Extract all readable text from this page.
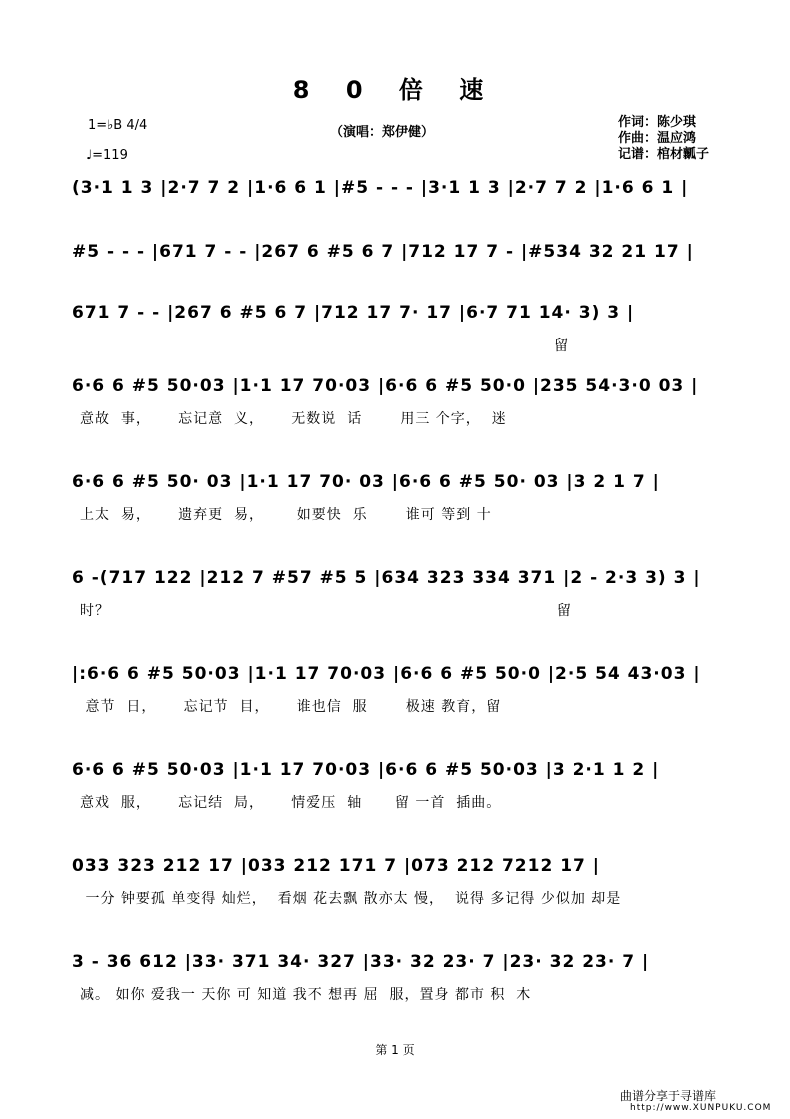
8 0 倍 速
1=♭B 4/4
♩=119
（演唱：郑伊健）
作词：陈少琪
作曲：温应鸿
记谱：棺材瓤子
(3·1 1 3 |2·7 7 2 |1·6 6 1 |#5 - - - |3·1 1 3 |2·7 7 2 |1·6 6 1 |
#5 - - - |671 7 - - |267 6 #5 6 7 |712 17 7 - |#534 32 21 17 |
671 7 - - |267 6 #5 6 7 |712 17 7· 17 |6·7 71 14· 3) 3 |
留
6·6 6 #5 50·03 |1·1 17 70·03 |6·6 6 #5 50·0 |235 54·3·0 03 |
意故  事，     忘记意  义，     无数说  话       用三 个字，  迷
6·6 6 #5 50· 03 |1·1 17 70· 03 |6·6 6 #5 50· 03 |3 2 1 7 |
上太  易，     遗弃更  易，      如要快  乐       谁可 等到 十
6 -(717 122 |212 7 #57 #5 5 |634 323 334 371 |2 - 2·3 3) 3 |
时？                                                                                  留
|:6·6 6 #5 50·03 |1·1 17 70·03 |6·6 6 #5 50·0 |2·5 54 43·03 |
意节  日，     忘记节  目，     谁也信  服       极速 教育，留
6·6 6 #5 50·03 |1·1 17 70·03 |6·6 6 #5 50·03 |3 2·1 1 2 |
意戏  服，     忘记结  局，     情爱压  轴      留 一首  插曲。
033 323 212 17 |033 212 171 7 |073 212 7212 17 |
一分 钟要孤 单变得 灿烂，  看烟 花去飘 散亦太 慢，  说得 多记得 少似加 却是
3 - 36 612 |33· 371 34· 327 |33· 32 23· 7 |23· 32 23· 7 |
减。 如你 爱我一 天你 可 知道 我不 想再 屈  服，置身 都市 积  木
第 1 页
曲谱分享于寻谱库
http://www.XUNPUKU.COM
